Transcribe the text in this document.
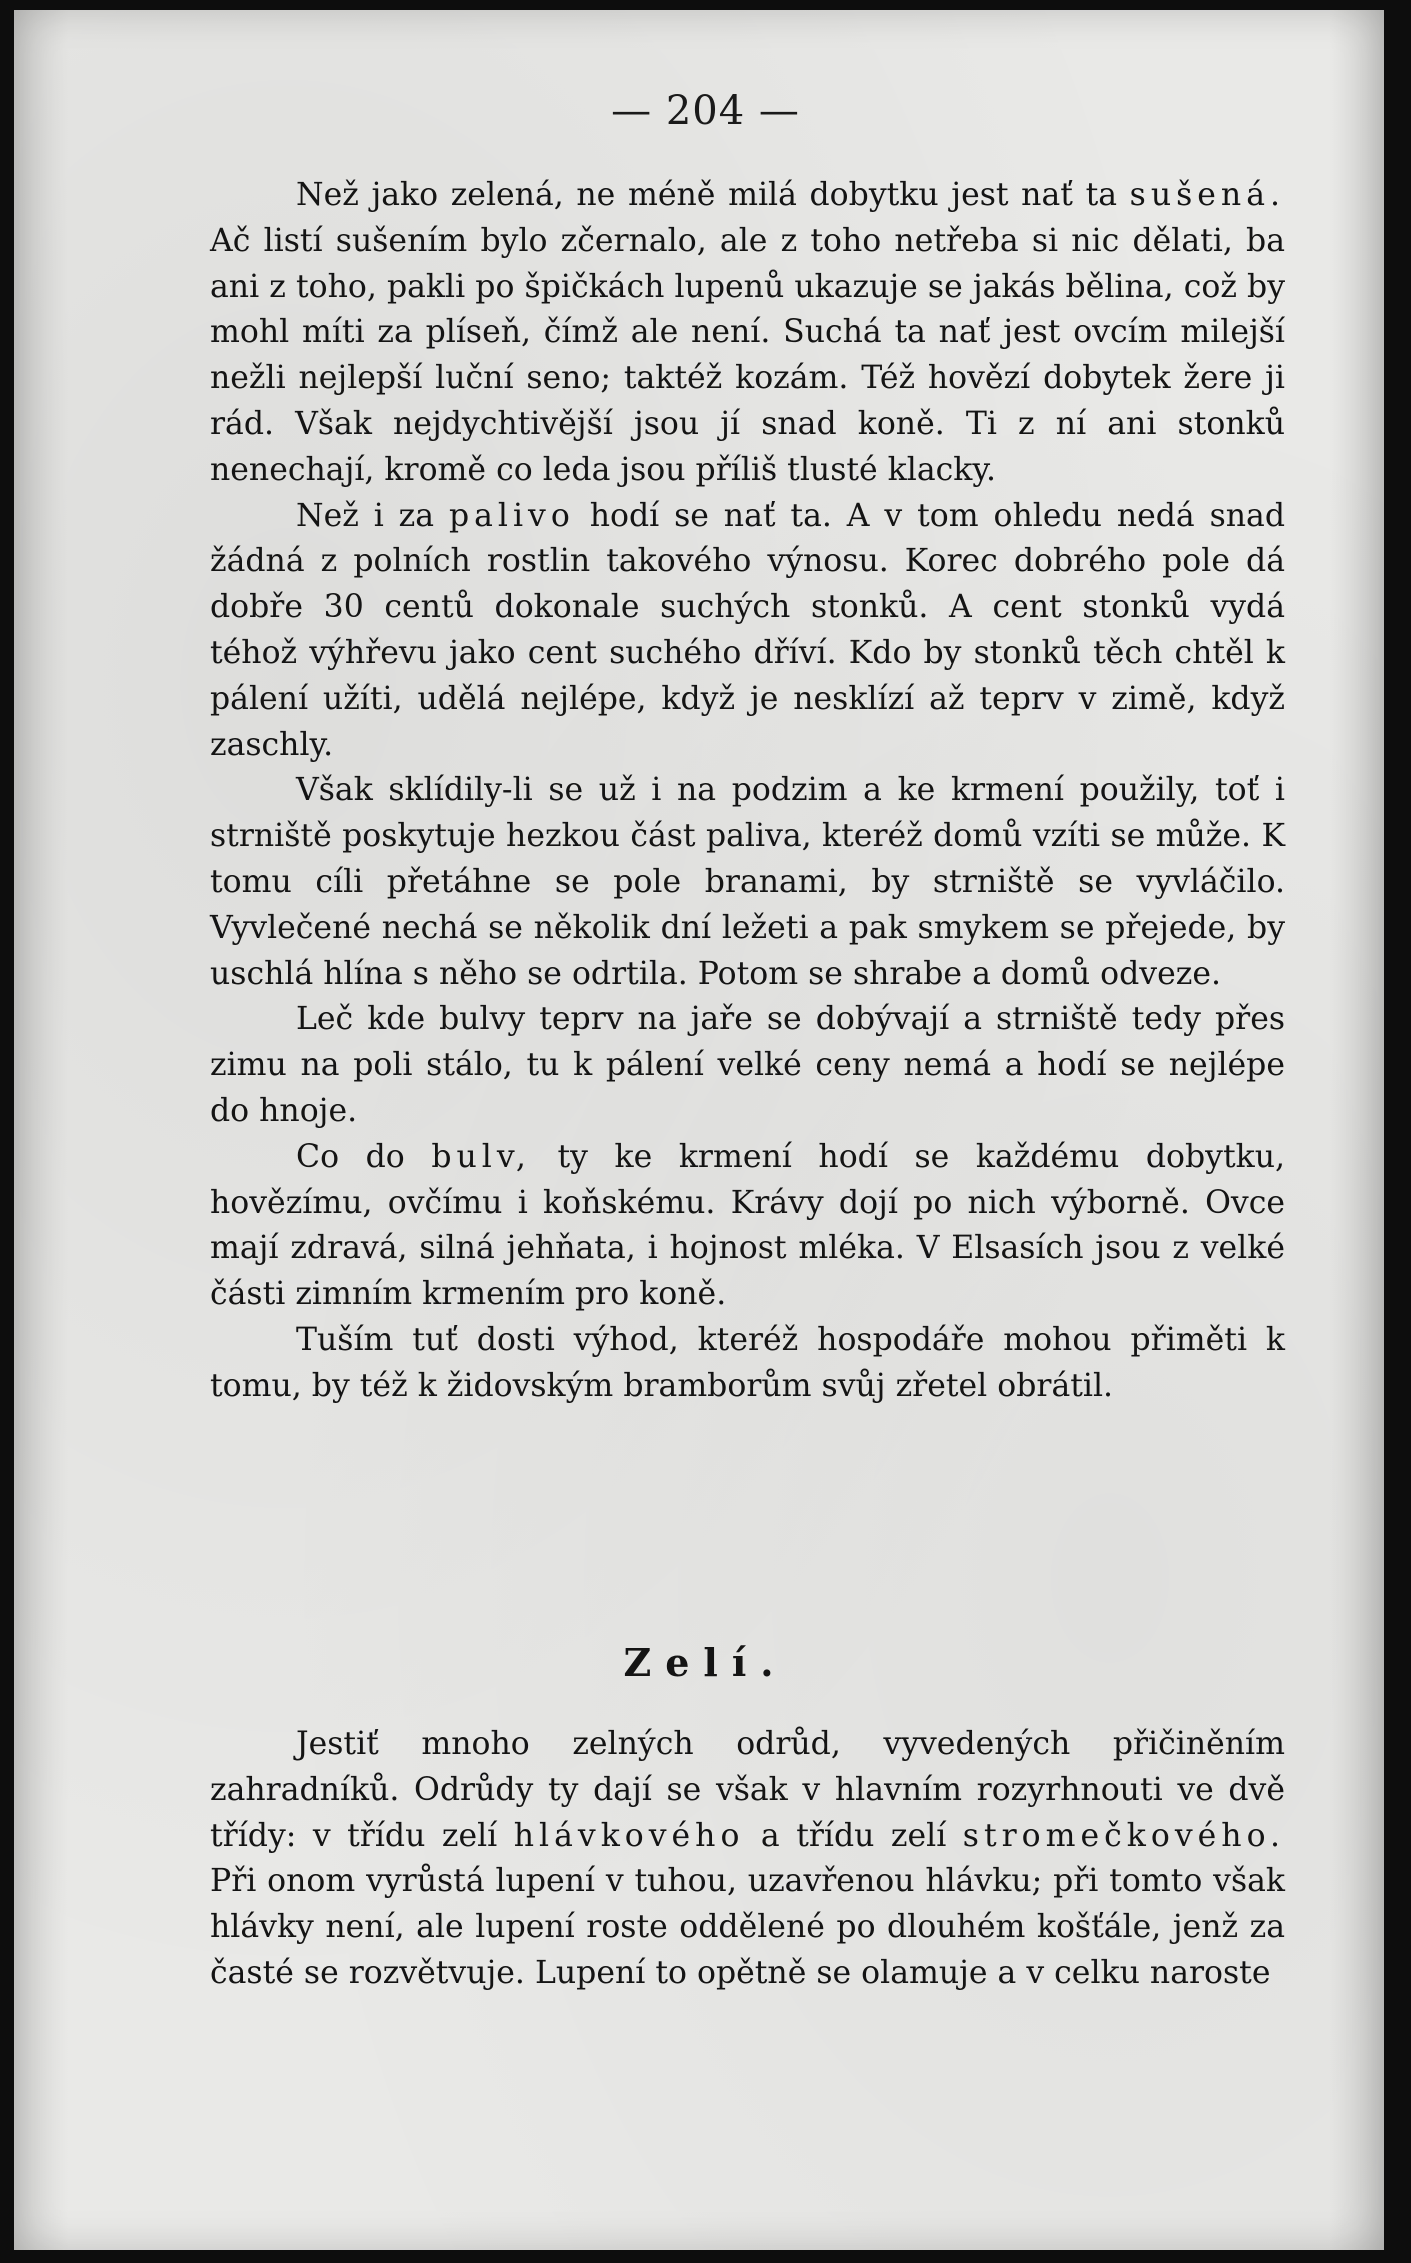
— 204 —

Než jako zelená, ne méně milá dobytku jest nať ta sušená. Ač listí sušením bylo zčernalo, ale z toho netřeba si nic dělati, ba ani z toho, pakli po špičkách lupenů ukazuje se jakás bělina, což by mohl míti za plíseň, čímž ale není. Suchá ta nať jest ovcím milejší nežli nejlepší luční seno; taktéž kozám. Též hovězí dobytek žere ji rád. Však nejdychtivější jsou jí snad koně. Ti z ní ani stonků nenechají, kromě co leda jsou příliš tlusté klacky.

Než i za palivo hodí se nať ta. A v tom ohledu nedá snad žádná z polních rostlin takového výnosu. Korec dobrého pole dá dobře 30 centů dokonale suchých stonků. A cent stonků vydá téhož výhřevu jako cent suchého dříví. Kdo by stonků těch chtěl k pálení užíti, udělá nejlépe, když je nesklízí až teprv v zimě, když zaschly.

Však sklídily-li se už i na podzim a ke krmení použily, toť i strniště poskytuje hezkou část paliva, kteréž domů vzíti se může. K tomu cíli přetáhne se pole branami, by strniště se vyvláčilo. Vyvlečené nechá se několik dní ležeti a pak smykem se přejede, by uschlá hlína s něho se odrtila. Potom se shrabe a domů odveze.

Leč kde bulvy teprv na jaře se dobývají a strniště tedy přes zimu na poli stálo, tu k pálení velké ceny nemá a hodí se nejlépe do hnoje.

Co do bulv, ty ke krmení hodí se každému dobytku, hovězímu, ovčímu i koňskému. Krávy dojí po nich výborně. Ovce mají zdravá, silná jehňata, i hojnost mléka. V Elsasích jsou z velké části zimním krmením pro koně.

Tuším tuť dosti výhod, kteréž hospodáře mohou přiměti k tomu, by též k židovským bramborům svůj zřetel obrátil.

Zelí.

Jestiť mnoho zelných odrůd, vyvedených přičiněním zahradníků. Odrůdy ty dají se však v hlavním rozyrhnouti ve dvě třídy: v třídu zelí hlávkového a třídu zelí stromečkového. Při onom vyrůstá lupení v tuhou, uzavřenou hlávku; při tomto však hlávky není, ale lupení roste oddělené po dlouhém košťále, jenž za časté se rozvětvuje. Lupení to opětně se olamuje a v celku naroste
